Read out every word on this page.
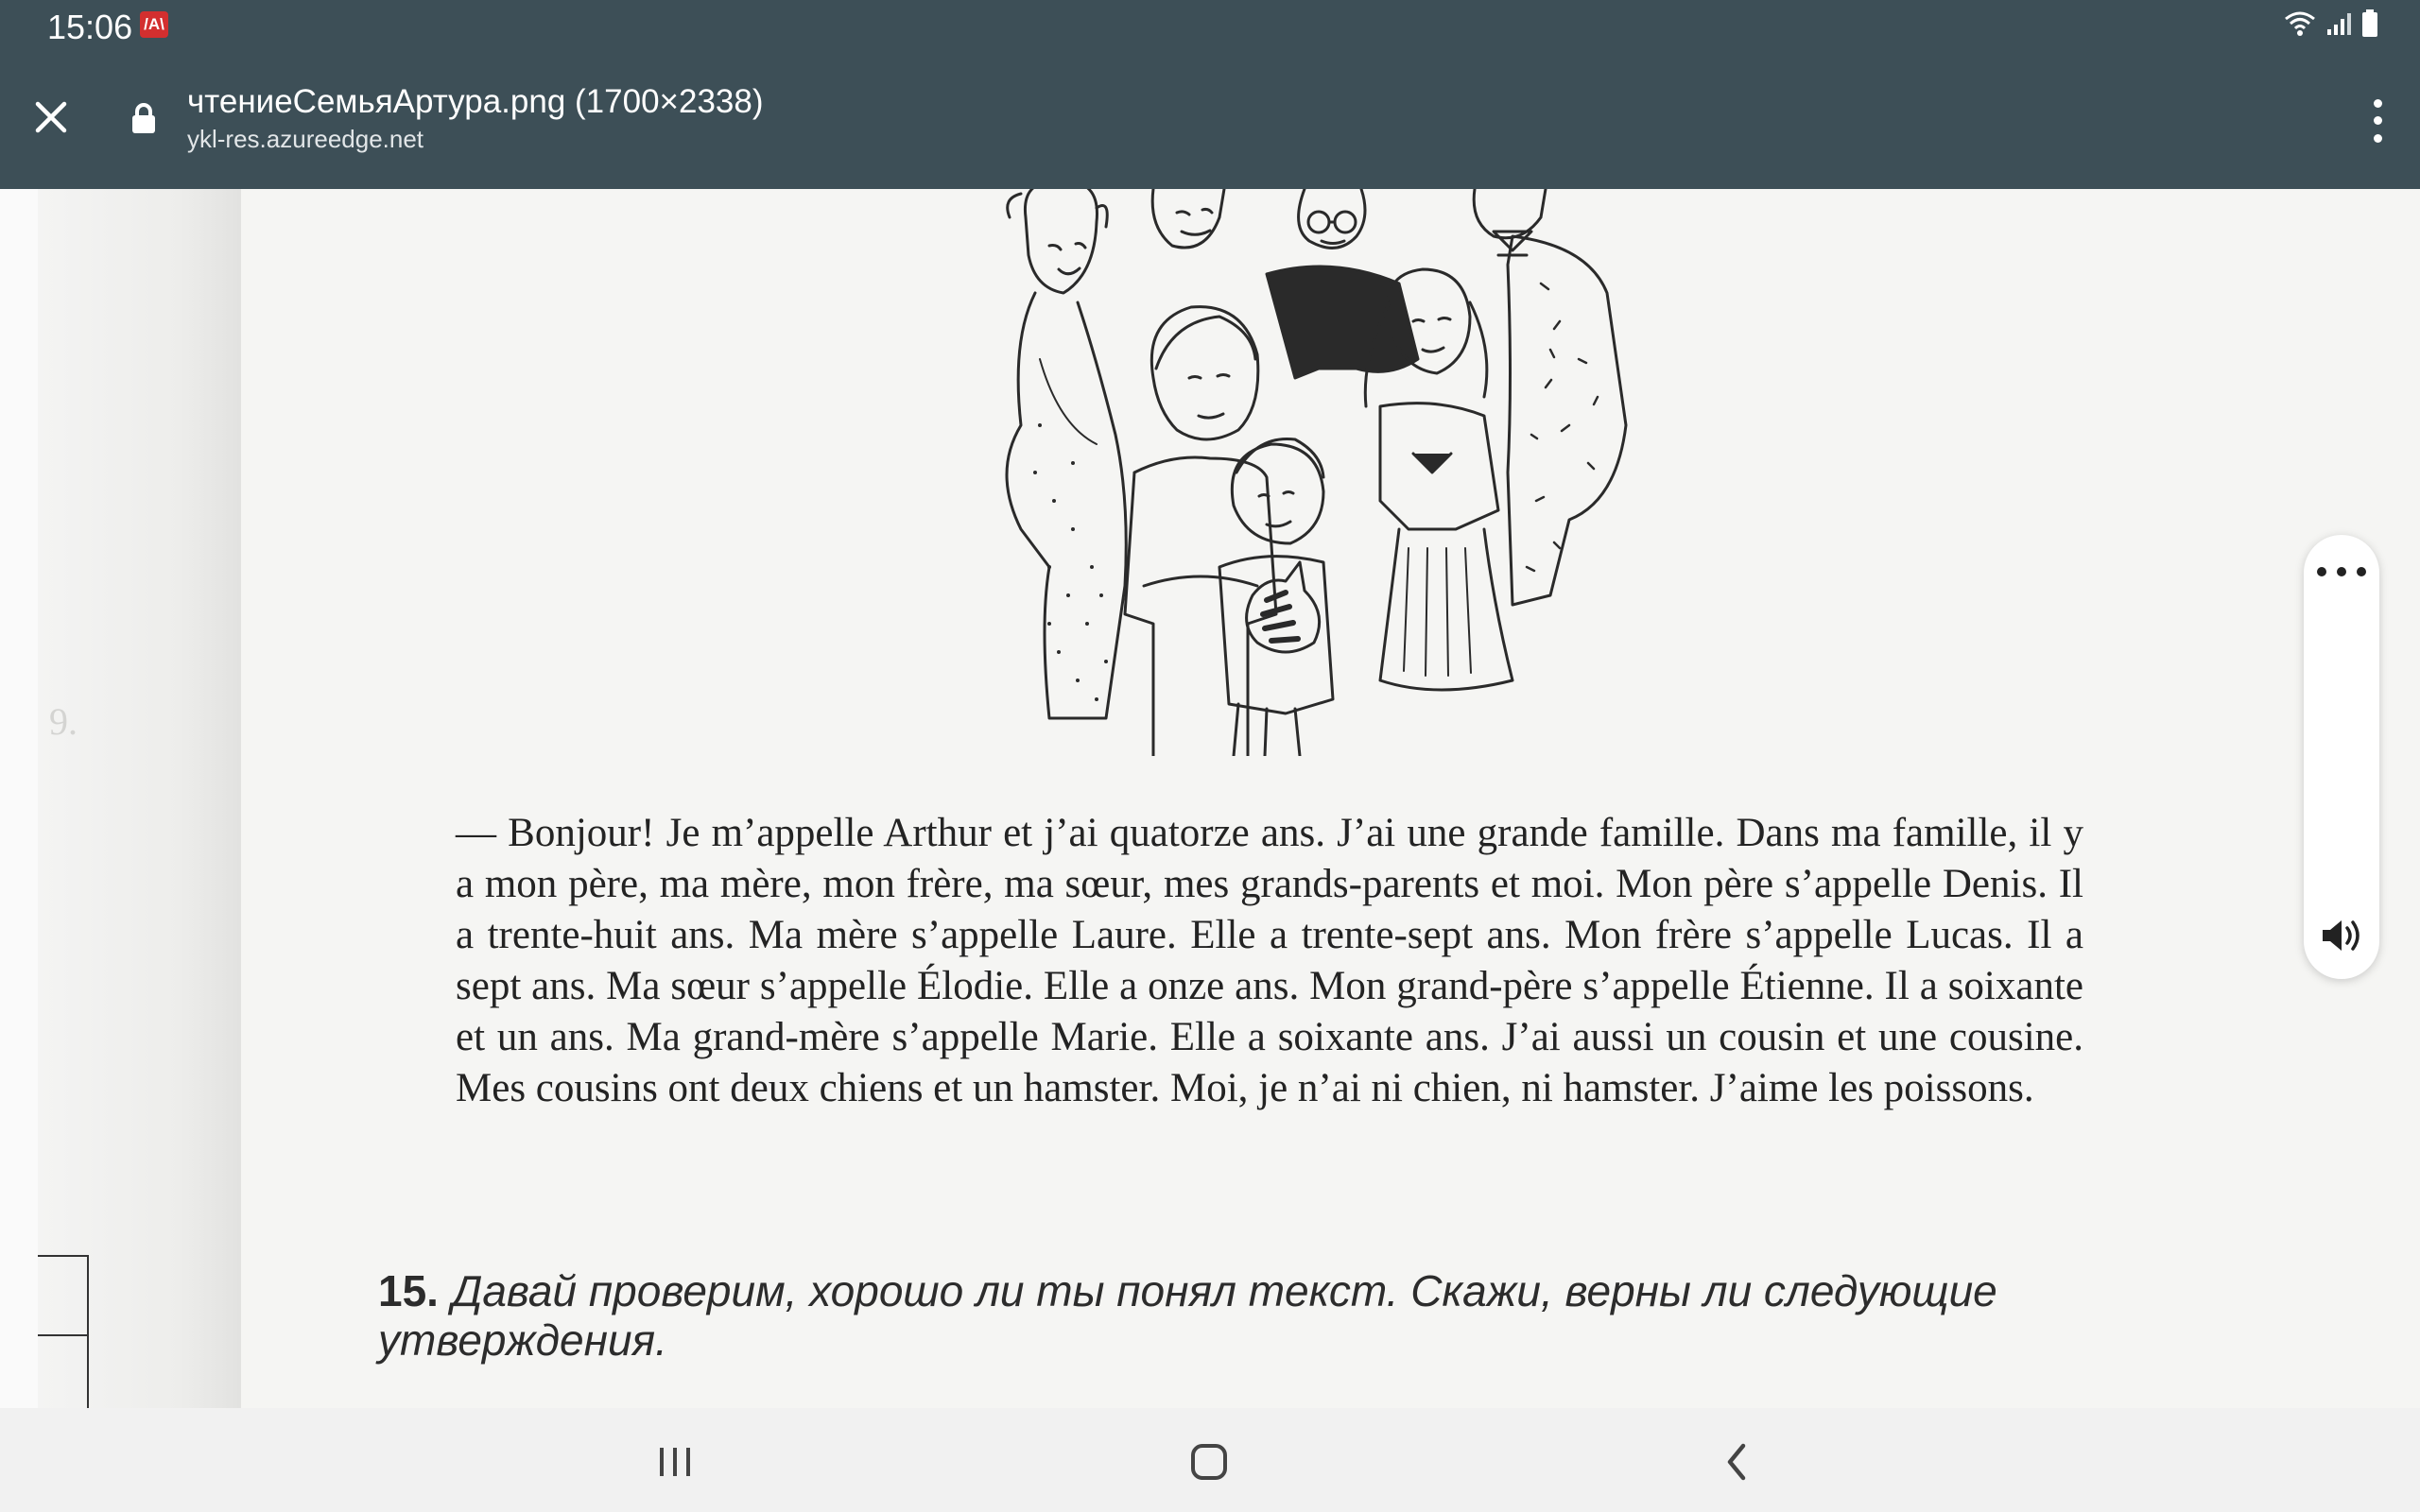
15:06 /A\
чтениеСемьяАртура.png (1700×2338)
ykl-res.azureedge.net
9.

— Bonjour! Je m’appelle Arthur et j’ai quatorze ans. J’ai une grande famille. Dans ma famille, il y a mon père, ma mère, mon frère, ma sœur, mes grands-parents et moi. Mon père s’appelle Denis. Il a trente-huit ans. Ma mère s’appelle Laure. Elle a trente-sept ans. Mon frère s’appelle Lucas. Il a sept ans. Ma sœur s’appelle Élodie. Elle a onze ans. Mon grand-père s’appelle Étienne. Il a soixante et un ans. Ma grand-mère s’appelle Marie. Elle a soixante ans. J’ai aussi un cousin et une cousine. Mes cousins ont deux chiens et un hamster. Moi, je n’ai ni chien, ni hamster. J’aime les poissons.

15. Давай проверим, хорошо ли ты понял текст. Скажи, верны ли следующие утверждения.
